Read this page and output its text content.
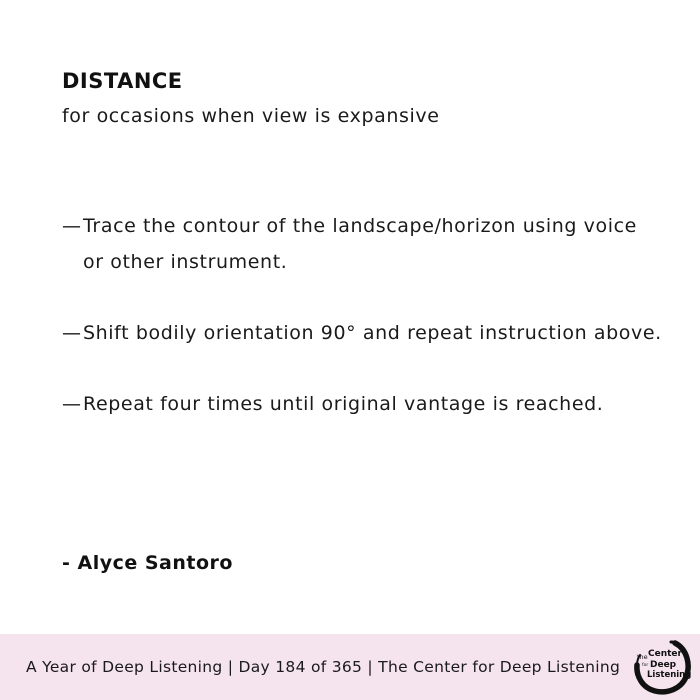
DISTANCE
for occasions when view is expansive
— Trace the contour of the landscape/horizon using voice or other instrument.
— Shift bodily orientation 90° and repeat instruction above.
— Repeat four times until original vantage is reached.
- Alyce Santoro
A Year of Deep Listening | Day 184 of 365 | The Center for Deep Listening
the Center
for Deep
Listening
